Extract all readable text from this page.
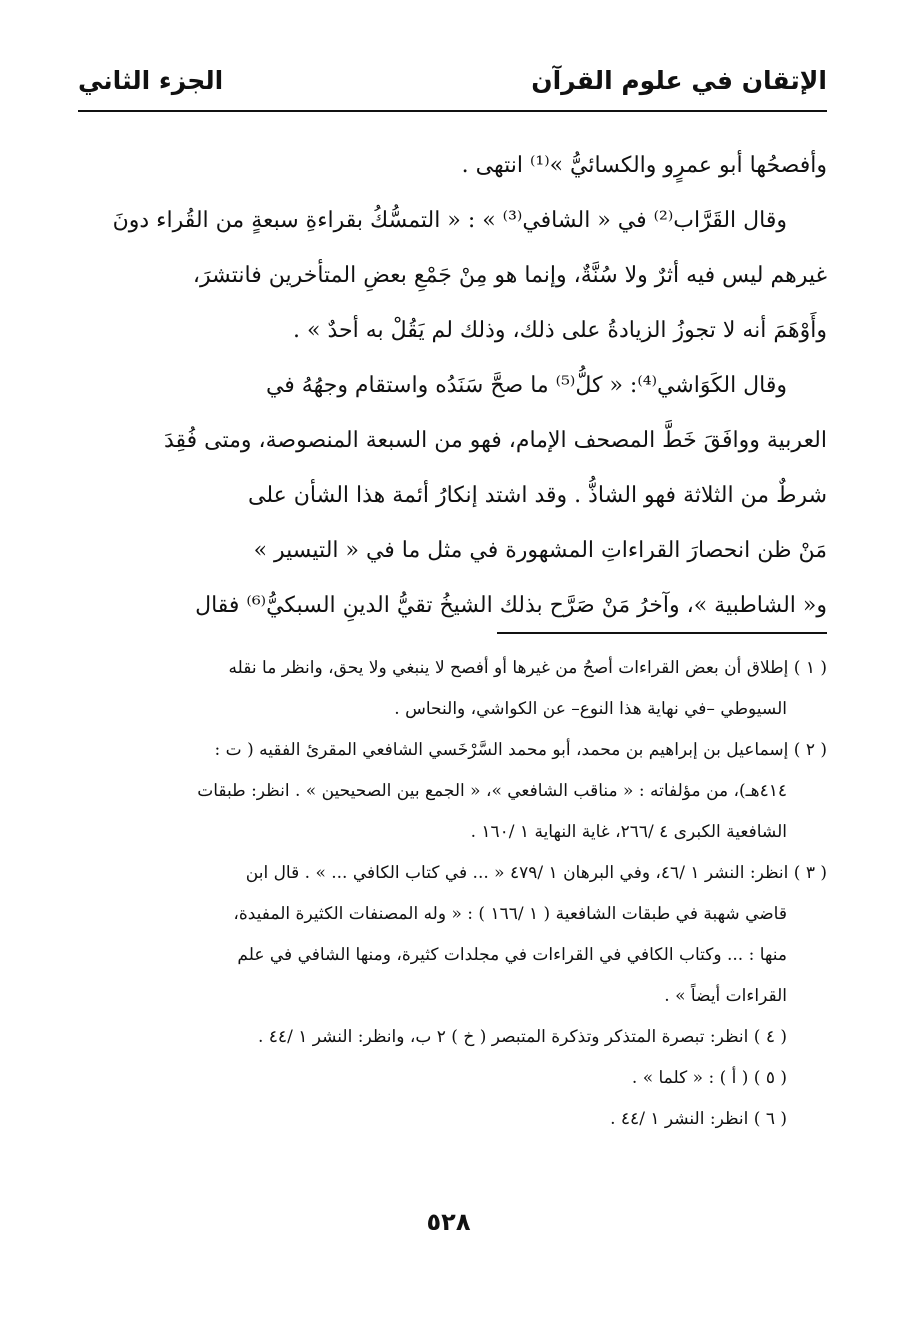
الإتقان في علوم القرآن
الجزء الثاني

وأفصحُها أبو عمرٍو والكسائيُّ »⁽¹⁾ انتهى .

وقال القَرَّاب⁽²⁾ في « الشافي⁽³⁾ » : « التمسُّكُ بقراءةِ سبعةٍ من القُراء دونَ

غيرهم ليس فيه أثرٌ ولا سُنَّةٌ، وإنما هو مِنْ جَمْعِ بعضِ المتأخرين فانتشرَ،

وأَوْهَمَ أنه لا تجوزُ الزيادةُ على ذلك، وذلك لم يَقُلْ به أحدٌ » .

وقال الكَوَاشي⁽⁴⁾: « كلُّ⁽⁵⁾ ما صحَّ سَنَدُه واستقام وجهُهُ في

العربية ووافَقَ خَطَّ المصحف الإمام، فهو من السبعة المنصوصة، ومتى فُقِدَ

شرطٌ من الثلاثة فهو الشاذُّ . وقد اشتد إنكارُ أئمة هذا الشأن على

مَنْ ظن انحصارَ القراءاتِ المشهورة في مثل ما في « التيسير »

و« الشاطبية »، وآخرُ مَنْ صَرَّح بذلك الشيخُ تقيُّ الدينِ السبكيُّ⁽⁶⁾ فقال

( ١ ) إطلاق أن بعض القراءات أصحُ من غيرها أو أفصح لا ينبغي ولا يحق، وانظر ما نقله
السيوطي –في نهاية هذا النوع– عن الكواشي، والنحاس .
( ٢ ) إسماعيل بن إبراهيم بن محمد، أبو محمد السَّرْخَسي الشافعي المقرئ الفقيه ( ت :
٤١٤هـ)، من مؤلفاته : « مناقب الشافعي »، « الجمع بين الصحيحين » . انظر: طبقات
الشافعية الكبرى ٤ /٢٦٦، غاية النهاية ١ /١٦٠ .
( ٣ ) انظر: النشر ١ /٤٦، وفي البرهان ١ /٤٧٩ « ... في كتاب الكافي ... » . قال ابن
قاضي شهبة في طبقات الشافعية ( ١ /١٦٦ ) : « وله المصنفات الكثيرة المفيدة،
منها : ... وكتاب الكافي في القراءات في مجلدات كثيرة، ومنها الشافي في علم
القراءات أيضاً » .
( ٤ ) انظر: تبصرة المتذكر وتذكرة المتبصر ( خ ) ٢ ب، وانظر: النشر ١ /٤٤ .
( ٥ ) ( أ ) : « كلما » .
( ٦ ) انظر: النشر ١ /٤٤ .
٥٢٨
